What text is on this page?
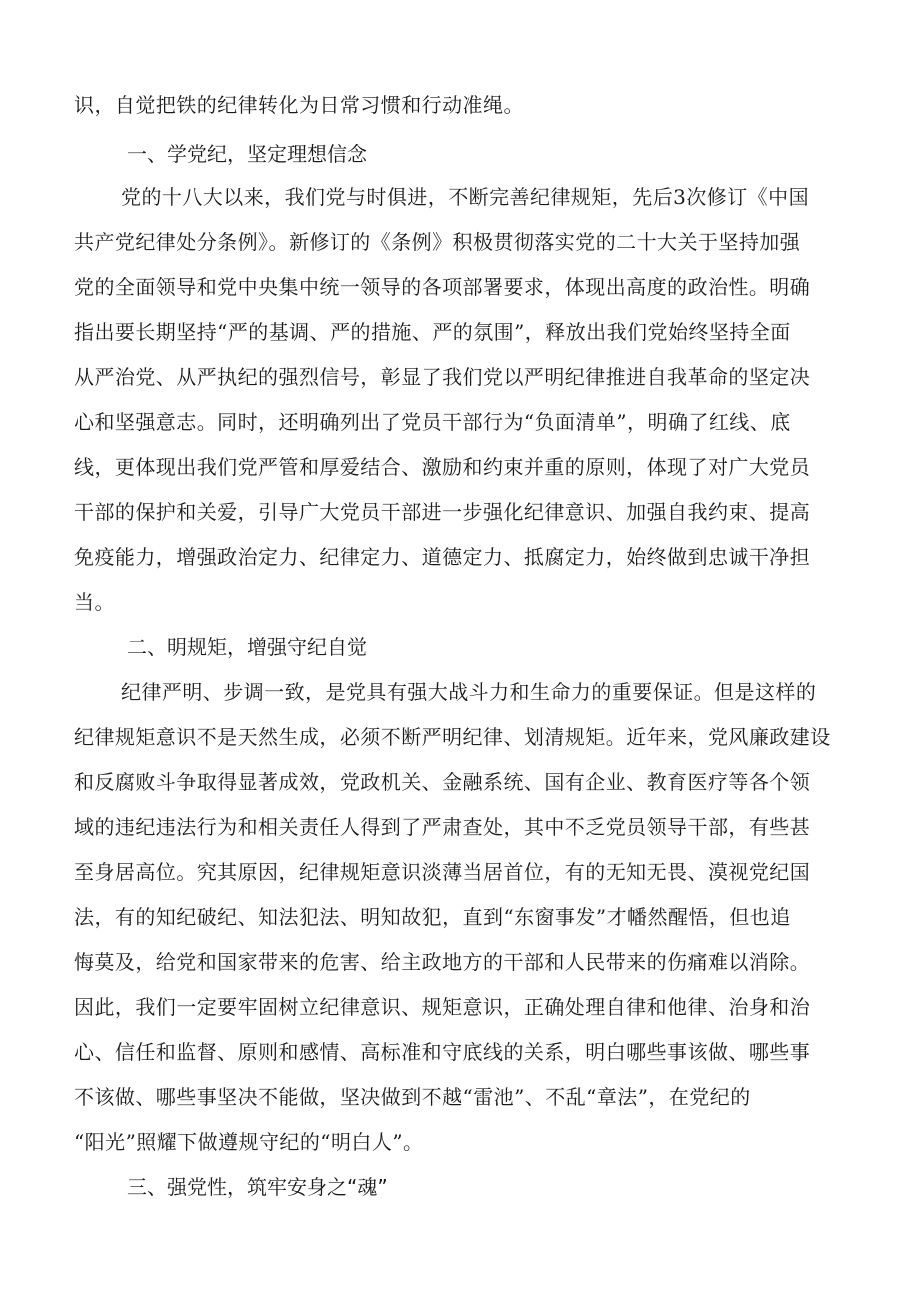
识，自觉把铁的纪律转化为日常习惯和行动准绳。
一、学党纪，坚定理想信念
党的十八大以来，我们党与时俱进，不断完善纪律规矩，先后3次修订《中国
共产党纪律处分条例》。新修订的《条例》积极贯彻落实党的二十大关于坚持加强
党的全面领导和党中央集中统一领导的各项部署要求，体现出高度的政治性。明确
指出要长期坚持“严的基调、严的措施、严的氛围”，释放出我们党始终坚持全面
从严治党、从严执纪的强烈信号，彰显了我们党以严明纪律推进自我革命的坚定决
心和坚强意志。同时，还明确列出了党员干部行为“负面清单”，明确了红线、底
线，更体现出我们党严管和厚爱结合、激励和约束并重的原则，体现了对广大党员
干部的保护和关爱，引导广大党员干部进一步强化纪律意识、加强自我约束、提高
免疫能力，增强政治定力、纪律定力、道德定力、抵腐定力，始终做到忠诚干净担
当。
二、明规矩，增强守纪自觉
纪律严明、步调一致，是党具有强大战斗力和生命力的重要保证。但是这样的
纪律规矩意识不是天然生成，必须不断严明纪律、划清规矩。近年来，党风廉政建设
和反腐败斗争取得显著成效，党政机关、金融系统、国有企业、教育医疗等各个领
域的违纪违法行为和相关责任人得到了严肃查处，其中不乏党员领导干部，有些甚
至身居高位。究其原因，纪律规矩意识淡薄当居首位，有的无知无畏、漠视党纪国
法，有的知纪破纪、知法犯法、明知故犯，直到“东窗事发”才幡然醒悟，但也追
悔莫及，给党和国家带来的危害、给主政地方的干部和人民带来的伤痛难以消除。
因此，我们一定要牢固树立纪律意识、规矩意识，正确处理自律和他律、治身和治
心、信任和监督、原则和感情、高标准和守底线的关系，明白哪些事该做、哪些事
不该做、哪些事坚决不能做，坚决做到不越“雷池”、不乱“章法”，在党纪的
“阳光”照耀下做遵规守纪的“明白人”。
三、强党性，筑牢安身之“魂”
